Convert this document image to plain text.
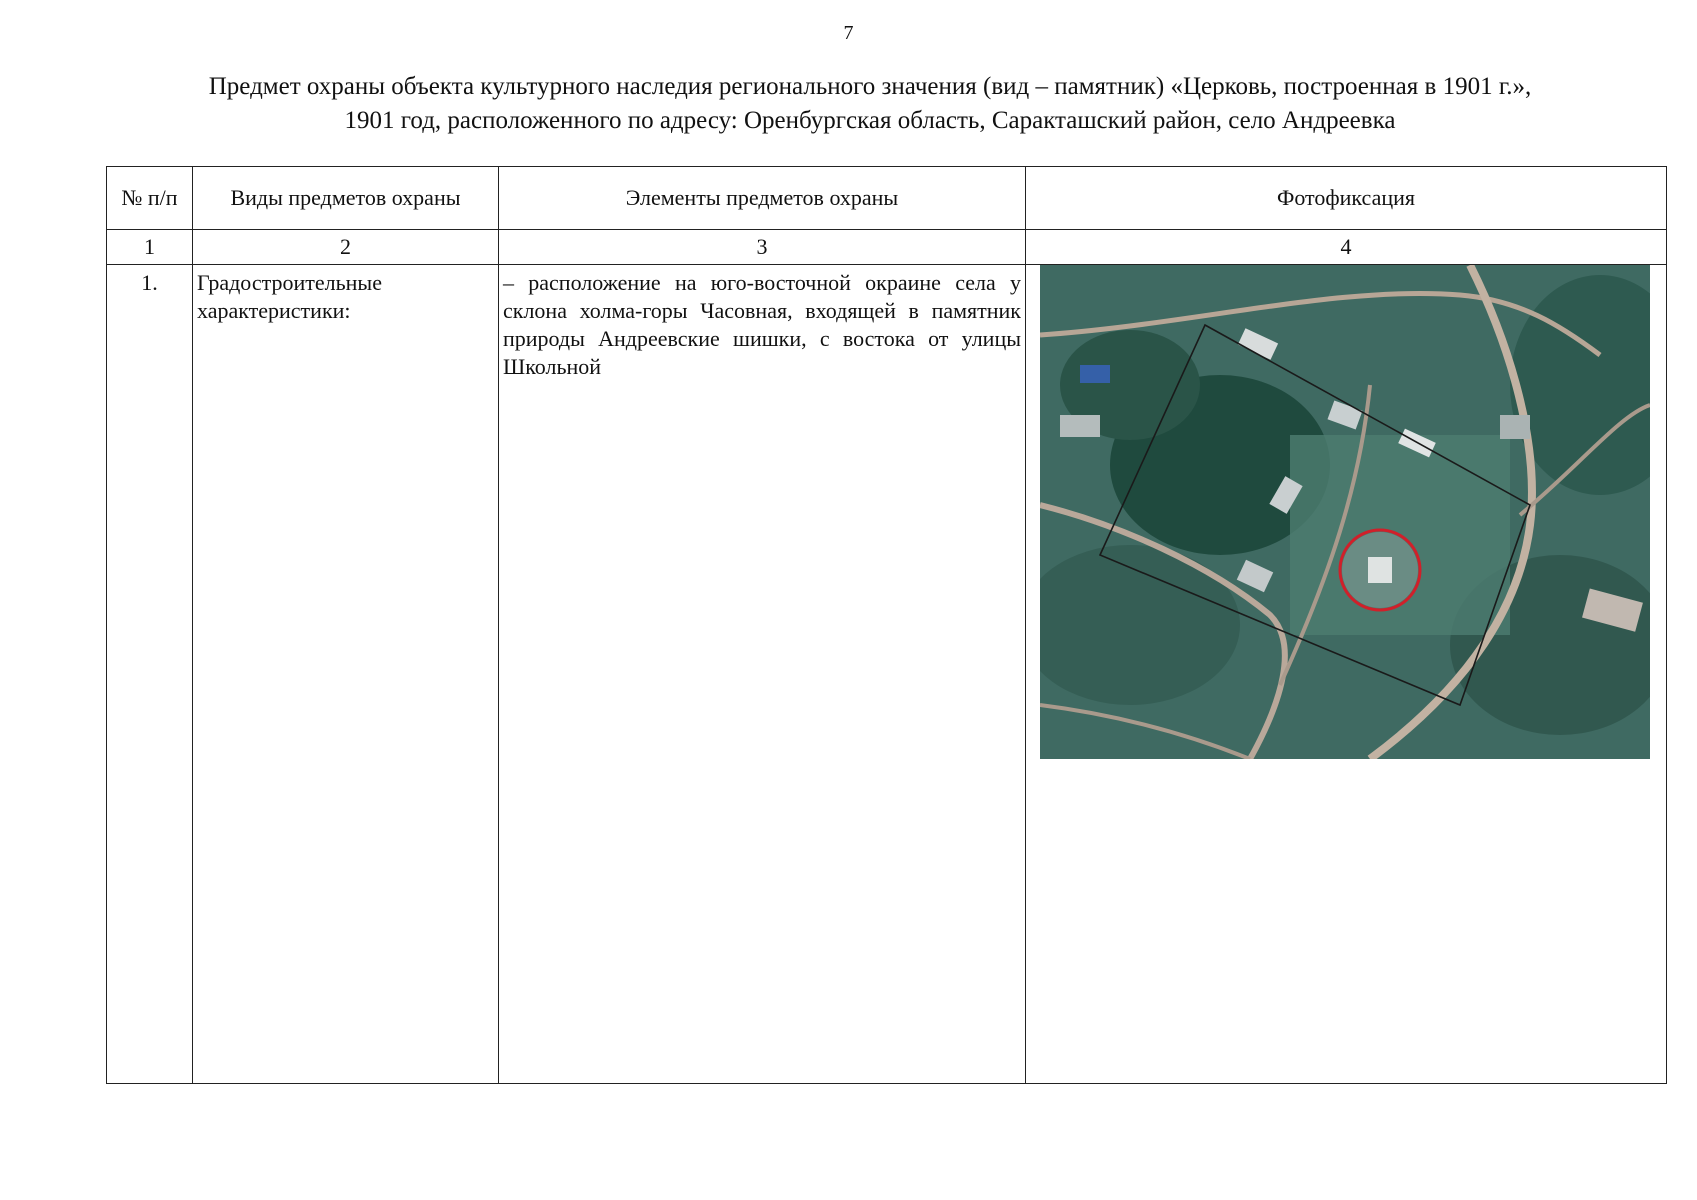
7
Предмет охраны объекта культурного наследия регионального значения (вид – памятник) «Церковь, построенная в 1901 г.»,
1901 год, расположенного по адресу: Оренбургская область, Саракташский район, село Андреевка
№ п/п	Виды предметов охраны	Элементы предметов охраны	Фотофиксация
1	2	3	4
1.	Градостроительные характеристики:	– расположение на юго-восточной окраине села у склона холма-горы Часовная, входящей в памятник природы Андреевские шишки, с востока от улицы Школьной	
